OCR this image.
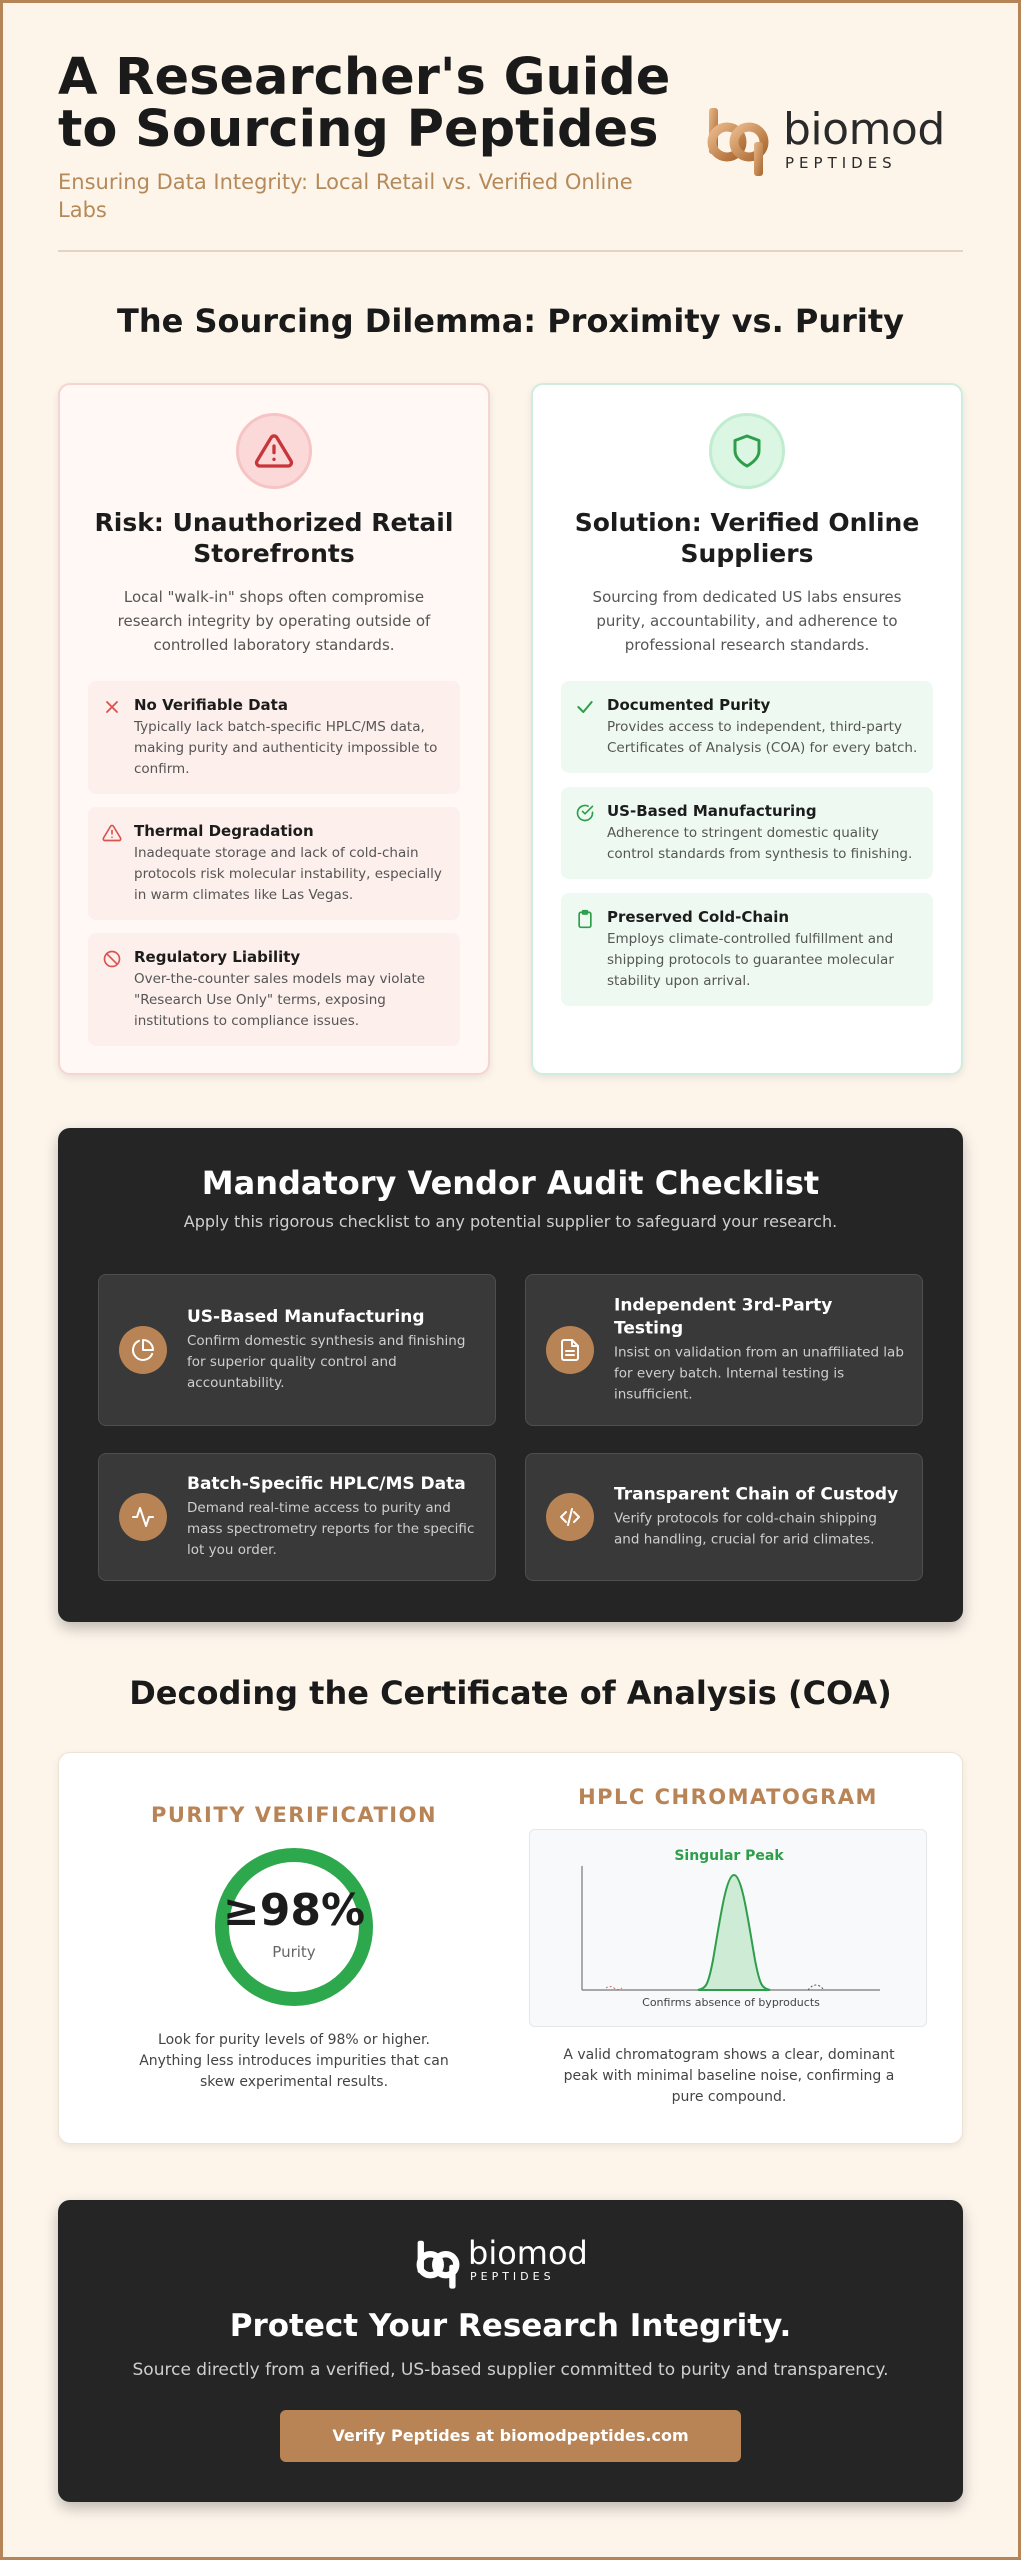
A Researcher's Guide
to Sourcing Peptides
Ensuring Data Integrity: Local Retail vs. Verified Online Labs
biomod
PEPTIDES
The Sourcing Dilemma: Proximity vs. Purity
Risk: Unauthorized Retail Storefronts
Local "walk-in" shops often compromise research integrity by operating outside of controlled laboratory standards.
No Verifiable Data
Typically lack batch-specific HPLC/MS data, making purity and authenticity impossible to confirm.
Thermal Degradation
Inadequate storage and lack of cold-chain protocols risk molecular instability, especially in warm climates like Las Vegas.
Regulatory Liability
Over-the-counter sales models may violate "Research Use Only" terms, exposing institutions to compliance issues.
Solution: Verified Online Suppliers
Sourcing from dedicated US labs ensures purity, accountability, and adherence to professional research standards.
Documented Purity
Provides access to independent, third-party Certificates of Analysis (COA) for every batch.
US-Based Manufacturing
Adherence to stringent domestic quality control standards from synthesis to finishing.
Preserved Cold-Chain
Employs climate-controlled fulfillment and shipping protocols to guarantee molecular stability upon arrival.
Mandatory Vendor Audit Checklist
Apply this rigorous checklist to any potential supplier to safeguard your research.
US-Based Manufacturing
Confirm domestic synthesis and finishing for superior quality control and accountability.
Independent 3rd-Party Testing
Insist on validation from an unaffiliated lab for every batch. Internal testing is insufficient.
Batch-Specific HPLC/MS Data
Demand real-time access to purity and mass spectrometry reports for the specific lot you order.
Transparent Chain of Custody
Verify protocols for cold-chain shipping and handling, crucial for arid climates.
Decoding the Certificate of Analysis (COA)
PURITY VERIFICATION
≥98%
Purity
Look for purity levels of 98% or higher. Anything less introduces impurities that can skew experimental results.
HPLC CHROMATOGRAM
Singular Peak
Confirms absence of byproducts
A valid chromatogram shows a clear, dominant peak with minimal baseline noise, confirming a pure compound.
biomod
PEPTIDES
Protect Your Research Integrity.
Source directly from a verified, US-based supplier committed to purity and transparency.
Verify Peptides at biomodpeptides.com
